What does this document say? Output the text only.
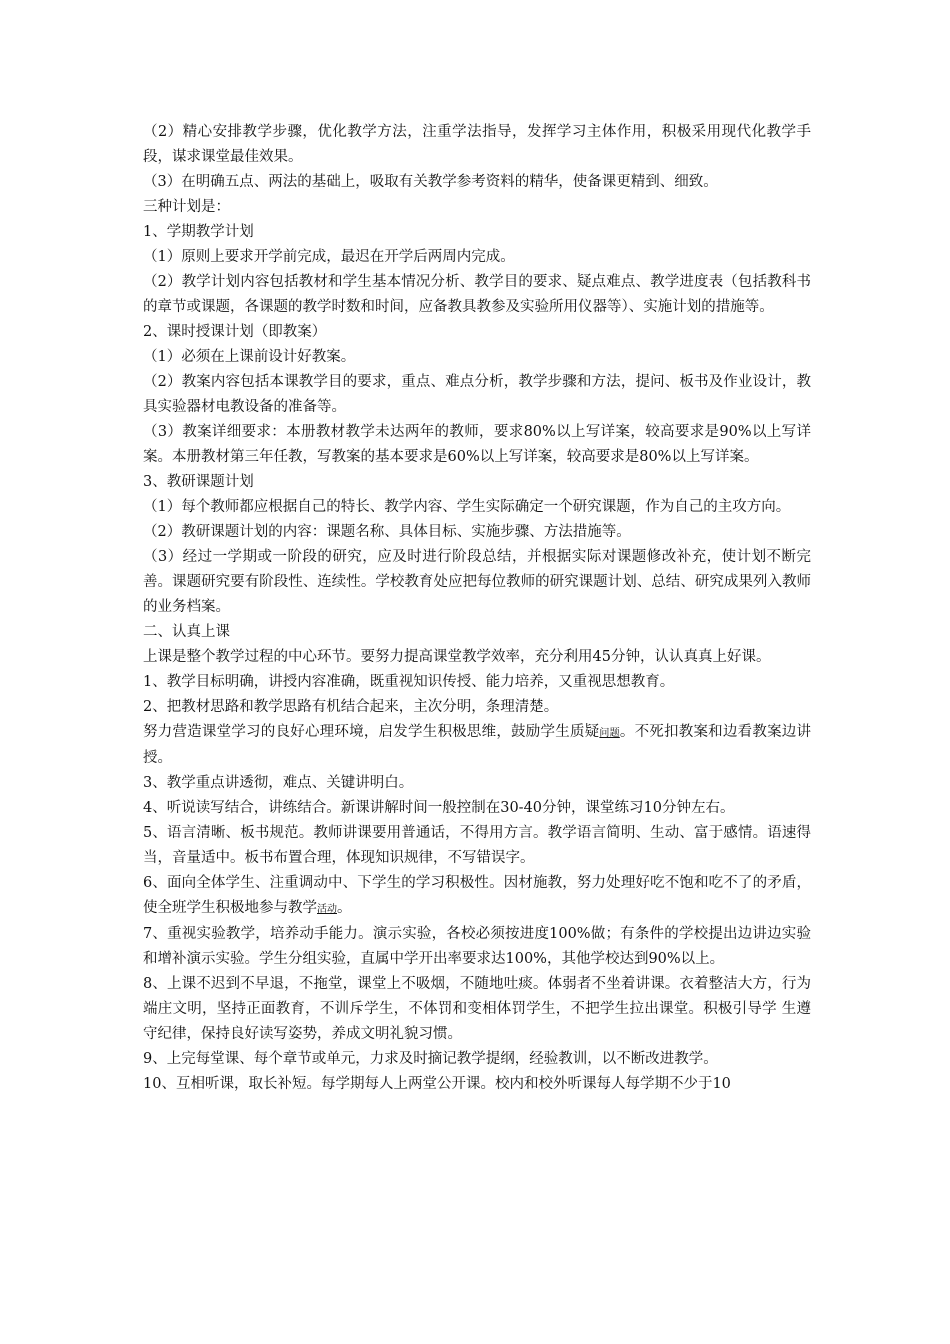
（2）精心安排教学步骤，优化教学方法，注重学法指导，发挥学习主体作用，积极采用现代化教学手段，谋求课堂最佳效果。

（3）在明确五点、两法的基础上，吸取有关教学参考资料的精华，使备课更精到、细致。

三种计划是：

1、学期教学计划

（1）原则上要求开学前完成，最迟在开学后两周内完成。

（2）教学计划内容包括教材和学生基本情况分析、教学目的要求、疑点难点、教学进度表（包括教科书的章节或课题，各课题的教学时数和时间，应备教具教参及实验所用仪器等）、实施计划的措施等。

2、课时授课计划（即教案）

（1）必须在上课前设计好教案。

（2）教案内容包括本课教学目的要求，重点、难点分析，教学步骤和方法，提问、板书及作业设计，教具实验器材电教设备的准备等。

（3）教案详细要求：本册教材教学未达两年的教师，要求80%以上写详案，较高要求是90%以上写详案。本册教材第三年任教，写教案的基本要求是60%以上写详案，较高要求是80%以上写详案。

3、教研课题计划

（1）每个教师都应根据自己的特长、教学内容、学生实际确定一个研究课题，作为自己的主攻方向。

（2）教研课题计划的内容：课题名称、具体目标、实施步骤、方法措施等。

（3）经过一学期或一阶段的研究，应及时进行阶段总结，并根据实际对课题修改补充，使计划不断完善。课题研究要有阶段性、连续性。学校教育处应把每位教师的研究课题计划、总结、研究成果列入教师的业务档案。

二、认真上课

上课是整个教学过程的中心环节。要努力提高课堂教学效率，充分利用45分钟，认认真真上好课。

1、教学目标明确，讲授内容准确，既重视知识传授、能力培养，又重视思想教育。

2、把教材思路和教学思路有机结合起来，主次分明，条理清楚。

努力营造课堂学习的良好心理环境，启发学生积极思维，鼓励学生质疑问题。不死扣教案和边看教案边讲授。

3、教学重点讲透彻，难点、关键讲明白。

4、听说读写结合，讲练结合。新课讲解时间一般控制在30-40分钟，课堂练习10分钟左右。

5、语言清晰、板书规范。教师讲课要用普通话，不得用方言。教学语言简明、生动、富于感情。语速得当，音量适中。板书布置合理，体现知识规律，不写错误字。

6、面向全体学生、注重调动中、下学生的学习积极性。因材施教，努力处理好吃不饱和吃不了的矛盾，使全班学生积极地参与教学活动。

7、重视实验教学，培养动手能力。演示实验，各校必须按进度100%做；有条件的学校提出边讲边实验和增补演示实验。学生分组实验，直属中学开出率要求达100%，其他学校达到90%以上。

8、上课不迟到不早退，不拖堂，课堂上不吸烟，不随地吐痰。体弱者不坐着讲课。衣着整洁大方，行为端庄文明，坚持正面教育，不训斥学生，不体罚和变相体罚学生，不把学生拉出课堂。积极引导学 生遵守纪律，保持良好读写姿势，养成文明礼貌习惯。

9、上完每堂课、每个章节或单元，力求及时摘记教学提纲，经验教训，以不断改进教学。

10、互相听课，取长补短。每学期每人上两堂公开课。校内和校外听课每人每学期不少于10
